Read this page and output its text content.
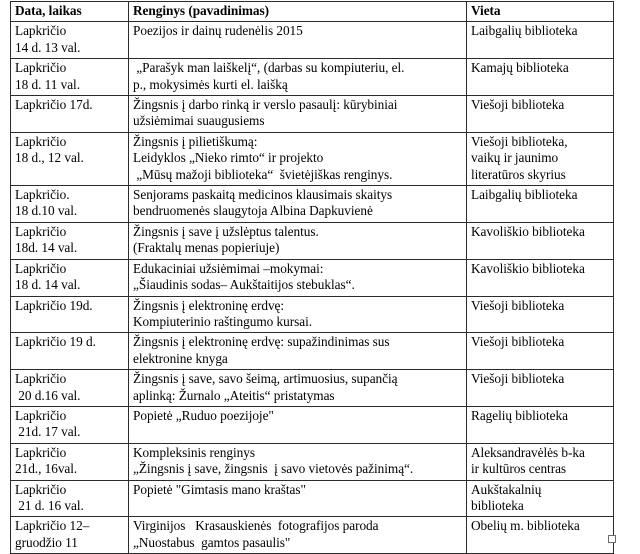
Data, laikas	Renginys (pavadinimas)	Vieta

Lapkričio
14 d. 13 val.	Poezijos ir dainų rudenėlis 2015	Laibgalių biblioteka

Lapkričio
18 d. 11 val.	„Parašyk man laiškelį“, (darbas su kompiuteriu, el.
p., mokysimės kurti el. laišką	Kamajų biblioteka

Lapkričio 17d.	Žingsnis į darbo rinką ir verslo pasaulį: kūrybiniai
užsiėmimai suaugusiems	Viešoji biblioteka

Lapkričio
18 d., 12 val.	Žingsnis į pilietiškumą:
Leidyklos „Nieko rimto“ ir projekto
„Mūsų mažoji biblioteka“  švietėjiškas renginys.	Viešoji biblioteka,
vaikų ir jaunimo
literatūros skyrius

Lapkričio.
18 d.10 val.	Senjorams paskaitą medicinos klausimais skaitys
bendruomenės slaugytoja Albina Dapkuvienė	Laibgalių biblioteka

Lapkričio
18d. 14 val.	Žingsnis į save į užslėptus talentus.
(Fraktalų menas popieriuje)	Kavoliškio biblioteka

Lapkričio
18 d. 14 val.	Edukaciniai užsiėmimai –mokymai:
„Šiaudinis sodas– Aukštaitijos stebuklas“.	Kavoliškio biblioteka

Lapkričio 19d.	Žingsnis į elektroninę erdvę:
Kompiuterinio raštingumo kursai.	Viešoji biblioteka

Lapkričio 19 d.	Žingsnis į elektroninę erdvę: supažindinimas sus
elektronine knyga	Viešoji biblioteka

Lapkričio
20 d.16 val.	Žingsnis į save, savo šeimą, artimuosius, supančią
aplinką: Žurnalo „Ateitis“ pristatymas	Viešoji biblioteka

Lapkričio
21d. 17 val.	Popietė „Ruduo poezijoje"	Ragelių biblioteka

Lapkričio
21d., 16val.	Kompleksinis renginys
„Žingsnis į save, žingsnis  į savo vietovės pažinimą“.	Aleksandravėlės b-ka
ir kultūros centras

Lapkričio
21 d. 16 val.	Popietė "Gimtasis mano kraštas"	Aukštakalnių
biblioteka

Lapkričio 12–
gruodžio 11	Virginijos   Krasauskienės  fotografijos paroda
„Nuostabus  gamtos pasaulis"	Obelių m. biblioteka
